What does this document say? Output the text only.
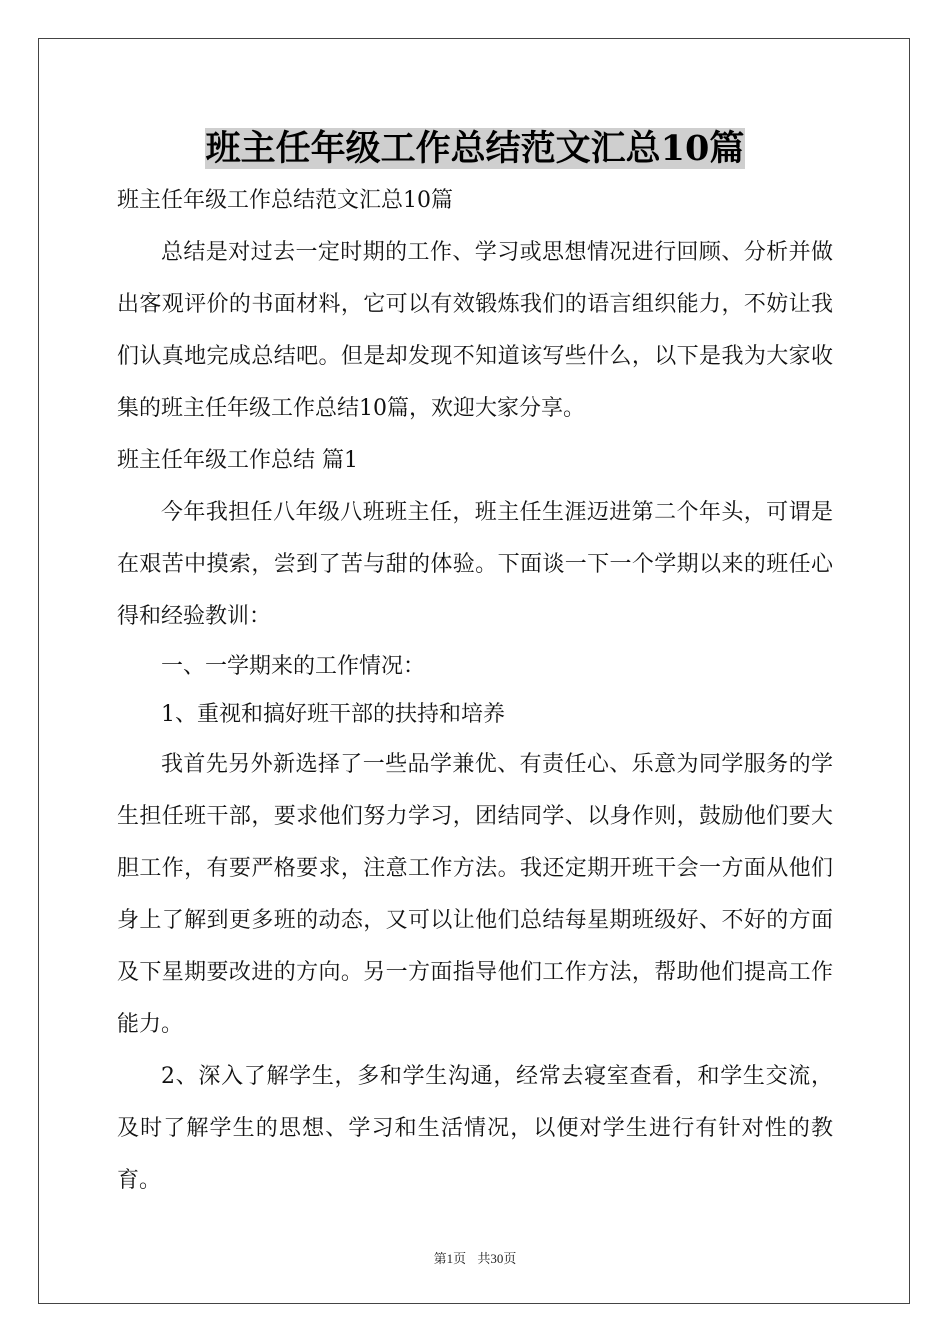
班主任年级工作总结范文汇总10篇

班主任年级工作总结范文汇总10篇

总结是对过去一定时期的工作、学习或思想情况进行回顾、分析并做出客观评价的书面材料，它可以有效锻炼我们的语言组织能力，不妨让我们认真地完成总结吧。但是却发现不知道该写些什么，以下是我为大家收集的班主任年级工作总结10篇，欢迎大家分享。

班主任年级工作总结 篇1

今年我担任八年级八班班主任，班主任生涯迈进第二个年头，可谓是在艰苦中摸索，尝到了苦与甜的体验。下面谈一下一个学期以来的班任心得和经验教训：

一、一学期来的工作情况：

1、重视和搞好班干部的扶持和培养

我首先另外新选择了一些品学兼优、有责任心、乐意为同学服务的学生担任班干部，要求他们努力学习，团结同学、以身作则，鼓励他们要大胆工作，有要严格要求，注意工作方法。我还定期开班干会一方面从他们身上了解到更多班的动态，又可以让他们总结每星期班级好、不好的方面及下星期要改进的方向。另一方面指导他们工作方法，帮助他们提高工作能力。

2、深入了解学生，多和学生沟通，经常去寝室查看，和学生交流，及时了解学生的思想、学习和生活情况，以便对学生进行有针对性的教育。

第1页 共30页
